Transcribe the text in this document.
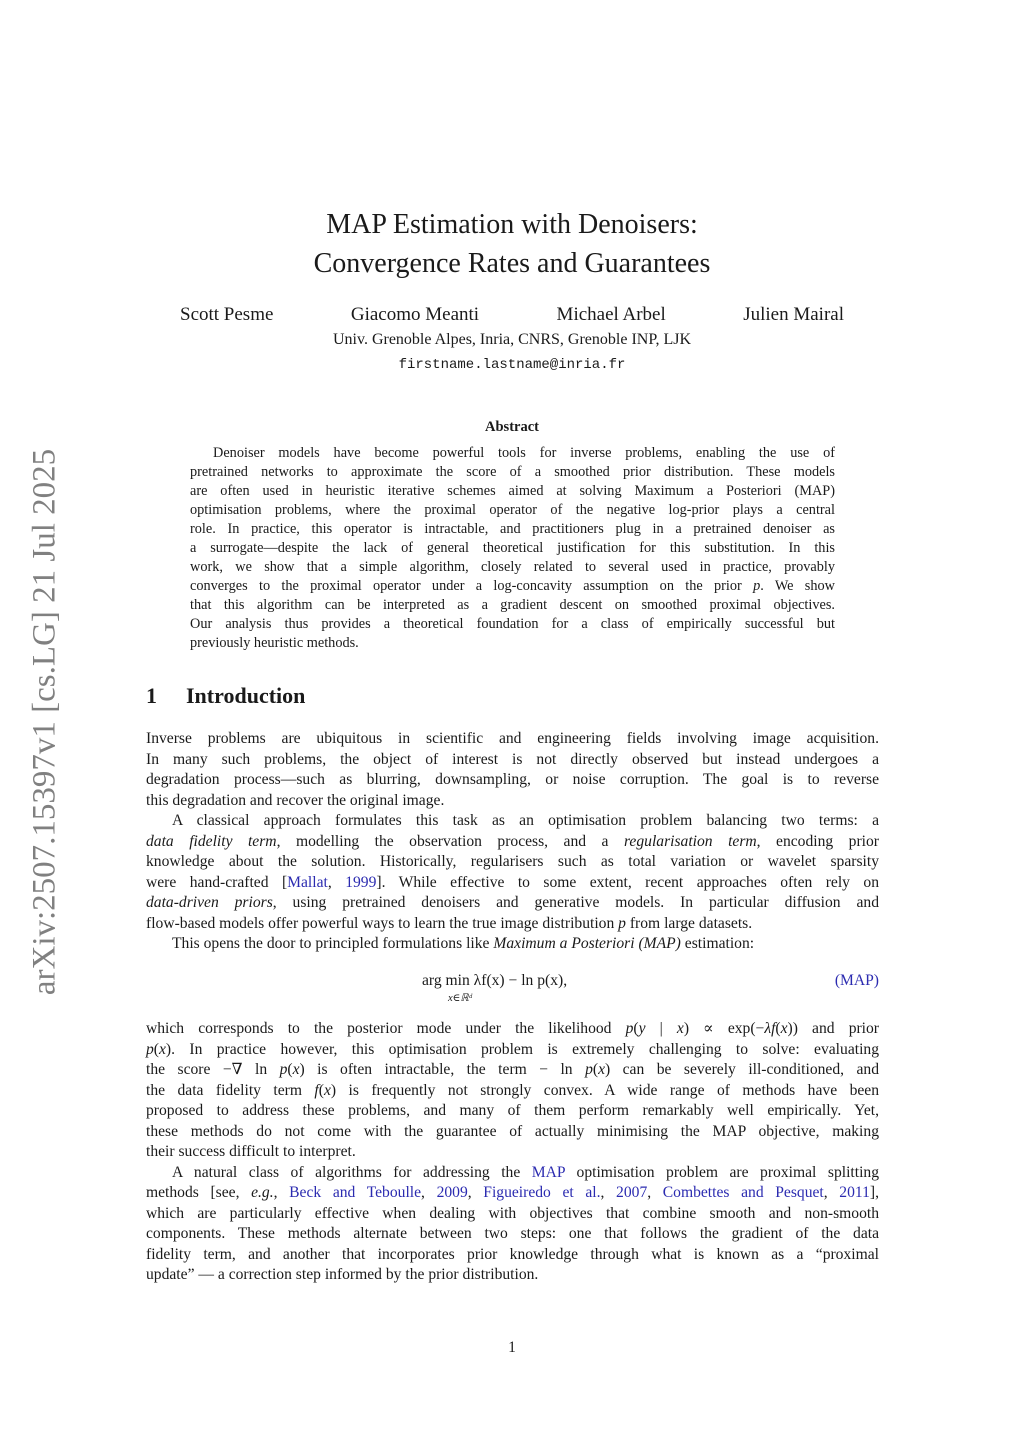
arXiv:2507.15397v1 [cs.LG] 21 Jul 2025
MAP Estimation with Denoisers:
Convergence Rates and Guarantees
Scott Pesme	Giacomo Meanti	Michael Arbel	Julien Mairal
Univ. Grenoble Alpes, Inria, CNRS, Grenoble INP, LJK
firstname.lastname@inria.fr
Abstract
Denoiser models have become powerful tools for inverse problems, enabling the use of
pretrained networks to approximate the score of a smoothed prior distribution. These models
are often used in heuristic iterative schemes aimed at solving Maximum a Posteriori (MAP)
optimisation problems, where the proximal operator of the negative log-prior plays a central
role. In practice, this operator is intractable, and practitioners plug in a pretrained denoiser as
a surrogate—despite the lack of general theoretical justification for this substitution. In this
work, we show that a simple algorithm, closely related to several used in practice, provably
converges to the proximal operator under a log-concavity assumption on the prior p. We show
that this algorithm can be interpreted as a gradient descent on smoothed proximal objectives.
Our analysis thus provides a theoretical foundation for a class of empirically successful but
previously heuristic methods.
1 Introduction
Inverse problems are ubiquitous in scientific and engineering fields involving image acquisition.
In many such problems, the object of interest is not directly observed but instead undergoes a
degradation process—such as blurring, downsampling, or noise corruption. The goal is to reverse
this degradation and recover the original image.
A classical approach formulates this task as an optimisation problem balancing two terms: a
data fidelity term, modelling the observation process, and a regularisation term, encoding prior
knowledge about the solution. Historically, regularisers such as total variation or wavelet sparsity
were hand-crafted [Mallat, 1999]. While effective to some extent, recent approaches often rely on
data-driven priors, using pretrained denoisers and generative models. In particular diffusion and
flow-based models offer powerful ways to learn the true image distribution p from large datasets.
This opens the door to principled formulations like Maximum a Posteriori (MAP) estimation:
arg min λf(x) − ln p(x),
x∈ℝᵈ
(MAP)
which corresponds to the posterior mode under the likelihood p(y | x) ∝ exp(−λf(x)) and prior
p(x). In practice however, this optimisation problem is extremely challenging to solve: evaluating
the score −∇ ln p(x) is often intractable, the term − ln p(x) can be severely ill-conditioned, and
the data fidelity term f(x) is frequently not strongly convex. A wide range of methods have been
proposed to address these problems, and many of them perform remarkably well empirically. Yet,
these methods do not come with the guarantee of actually minimising the MAP objective, making
their success difficult to interpret.
A natural class of algorithms for addressing the MAP optimisation problem are proximal splitting
methods [see, e.g., Beck and Teboulle, 2009, Figueiredo et al., 2007, Combettes and Pesquet, 2011],
which are particularly effective when dealing with objectives that combine smooth and non-smooth
components. These methods alternate between two steps: one that follows the gradient of the data
fidelity term, and another that incorporates prior knowledge through what is known as a “proximal
update” — a correction step informed by the prior distribution.
1
